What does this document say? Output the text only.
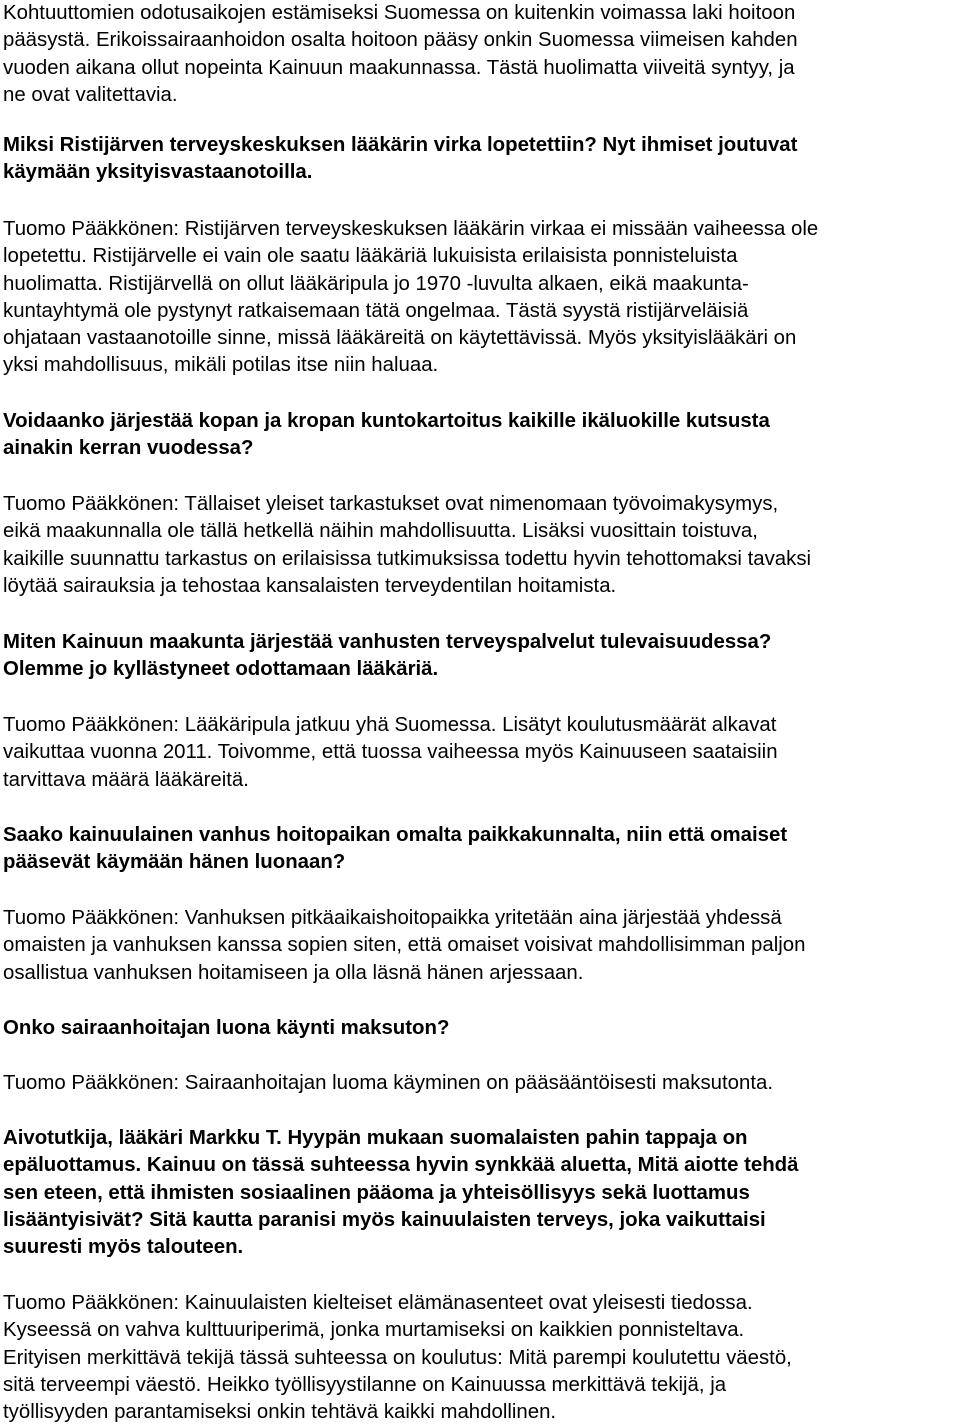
Kohtuuttomien odotusaikojen estämiseksi Suomessa on kuitenkin voimassa laki hoitoon
pääsystä. Erikoissairaanhoidon osalta hoitoon pääsy onkin Suomessa viimeisen kahden
vuoden aikana ollut nopeinta Kainuun maakunnassa. Tästä huolimatta viiveitä syntyy, ja
ne ovat valitettavia.

Miksi Ristijärven terveyskeskuksen lääkärin virka lopetettiin? Nyt ihmiset joutuvat
käymään yksityisvastaanotoilla.

Tuomo Pääkkönen: Ristijärven terveyskeskuksen lääkärin virkaa ei missään vaiheessa ole
lopetettu. Ristijärvelle ei vain ole saatu lääkäriä lukuisista erilaisista ponnisteluista
huolimatta. Ristijärvellä on ollut lääkäripula jo 1970 -luvulta alkaen, eikä maakunta-
kuntayhtymä ole pystynyt ratkaisemaan tätä ongelmaa. Tästä syystä ristijärveläisiä
ohjataan vastaanotoille sinne, missä lääkäreitä on käytettävissä. Myös yksityislääkäri on
yksi mahdollisuus, mikäli potilas itse niin haluaa.

Voidaanko järjestää kopan ja kropan kuntokartoitus kaikille ikäluokille kutsusta
ainakin kerran vuodessa?

Tuomo Pääkkönen: Tällaiset yleiset tarkastukset ovat nimenomaan työvoimakysymys,
eikä maakunnalla ole tällä hetkellä näihin mahdollisuutta. Lisäksi vuosittain toistuva,
kaikille suunnattu tarkastus on erilaisissa tutkimuksissa todettu hyvin tehottomaksi tavaksi
löytää sairauksia ja tehostaa kansalaisten terveydentilan hoitamista.

Miten Kainuun maakunta järjestää vanhusten terveyspalvelut tulevaisuudessa?
Olemme jo kyllästyneet odottamaan lääkäriä.

Tuomo Pääkkönen: Lääkäripula jatkuu yhä Suomessa. Lisätyt koulutusmäärät alkavat
vaikuttaa vuonna 2011. Toivomme, että tuossa vaiheessa myös Kainuuseen saataisiin
tarvittava määrä lääkäreitä.

Saako kainuulainen vanhus hoitopaikan omalta paikkakunnalta, niin että omaiset
pääsevät käymään hänen luonaan?

Tuomo Pääkkönen: Vanhuksen pitkäaikaishoitopaikka yritetään aina järjestää yhdessä
omaisten ja vanhuksen kanssa sopien siten, että omaiset voisivat mahdollisimman paljon
osallistua vanhuksen hoitamiseen ja olla läsnä hänen arjessaan.

Onko sairaanhoitajan luona käynti maksuton?

Tuomo Pääkkönen: Sairaanhoitajan luoma käyminen on pääsääntöisesti maksutonta.

Aivotutkija, lääkäri Markku T. Hyypän mukaan suomalaisten pahin tappaja on
epäluottamus. Kainuu on tässä suhteessa hyvin synkkää aluetta, Mitä aiotte tehdä
sen eteen, että ihmisten sosiaalinen pääoma ja yhteisöllisyys sekä luottamus
lisääntyisivät? Sitä kautta paranisi myös kainuulaisten terveys, joka vaikuttaisi
suuresti myös talouteen.

Tuomo Pääkkönen: Kainuulaisten kielteiset elämänasenteet ovat yleisesti tiedossa.
Kyseessä on vahva kulttuuriperimä, jonka murtamiseksi on kaikkien ponnisteltava.
Erityisen merkittävä tekijä tässä suhteessa on koulutus: Mitä parempi koulutettu väestö,
sitä terveempi väestö. Heikko työllisyystilanne on Kainuussa merkittävä tekijä, ja
työllisyyden parantamiseksi onkin tehtävä kaikki mahdollinen.
